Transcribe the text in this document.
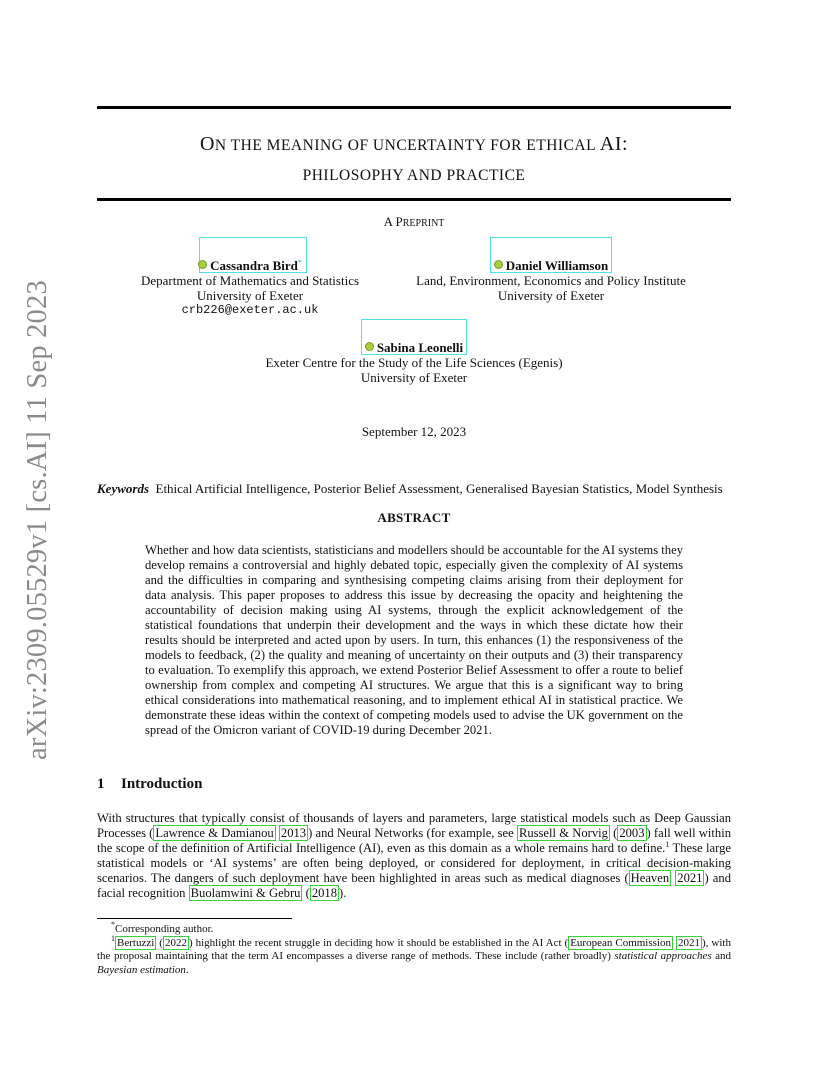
arXiv:2309.05529v1 [cs.AI] 11 Sep 2023
ON THE MEANING OF UNCERTAINTY FOR ETHICAL AI:
PHILOSOPHY AND PRACTICE
A PREPRINT
Cassandra Bird*
Department of Mathematics and Statistics
University of Exeter
crb226@exeter.ac.uk
Daniel Williamson
Land, Environment, Economics and Policy Institute
University of Exeter
Sabina Leonelli
Exeter Centre for the Study of the Life Sciences (Egenis)
University of Exeter
September 12, 2023
Keywords Ethical Artificial Intelligence, Posterior Belief Assessment, Generalised Bayesian Statistics, Model Synthesis
ABSTRACT
Whether and how data scientists, statisticians and modellers should be accountable for the AI systems they develop remains a controversial and highly debated topic, especially given the complexity of AI systems and the difficulties in comparing and synthesising competing claims arising from their deployment for data analysis. This paper proposes to address this issue by decreasing the opacity and heightening the accountability of decision making using AI systems, through the explicit acknowledgement of the statistical foundations that underpin their development and the ways in which these dictate how their results should be interpreted and acted upon by users. In turn, this enhances (1) the responsiveness of the models to feedback, (2) the quality and meaning of uncertainty on their outputs and (3) their transparency to evaluation. To exemplify this approach, we extend Posterior Belief Assessment to offer a route to belief ownership from complex and competing AI structures. We argue that this is a significant way to bring ethical considerations into mathematical reasoning, and to implement ethical AI in statistical practice. We demonstrate these ideas within the context of competing models used to advise the UK government on the spread of the Omicron variant of COVID-19 during December 2021.
1 Introduction
With structures that typically consist of thousands of layers and parameters, large statistical models such as Deep Gaussian Processes ( Lawrence & Damianou 2013 ) and Neural Networks (for example, see Russell & Norvig ( 2003 ) fall well within the scope of the definition of Artificial Intelligence (AI), even as this domain as a whole remains hard to define.$^1$ These large statistical models or ‘AI systems’ are often being deployed, or considered for deployment, in critical decision-making scenarios. The dangers of such deployment have been highlighted in areas such as medical diagnoses ( Heaven 2021 ) and facial recognition Buolamwini & Gebru ( 2018 ).

*Corresponding author.

$^1$ Bertuzzi ( 2022 ) highlight the recent struggle in deciding how it should be established in the AI Act ( European Commission 2021 ), with the proposal maintaining that the term AI encompasses a diverse range of methods. These include (rather broadly) statistical approaches and Bayesian estimation.
